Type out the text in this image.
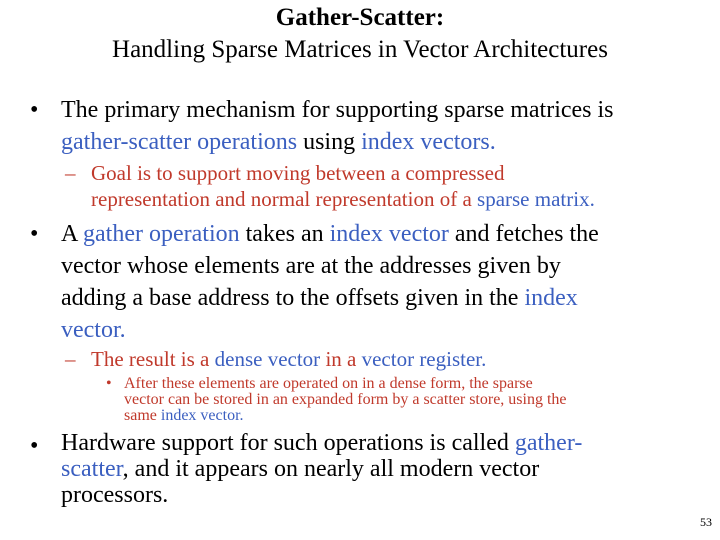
Gather-Scatter:
Handling Sparse Matrices in Vector Architectures
• The primary mechanism for supporting sparse matrices is
gather-scatter operations using index vectors.
– Goal is to support moving between a compressed
representation and normal representation of a sparse matrix.
• A gather operation takes an index vector and fetches the
vector whose elements are at the addresses given by
adding a base address to the offsets given in the index
vector.
– The result is a dense vector in a vector register.
• After these elements are operated on in a dense form, the sparse
vector can be stored in an expanded form by a scatter store, using the
same index vector.
• Hardware support for such operations is called gather-
scatter, and it appears on nearly all modern vector
processors.
53
